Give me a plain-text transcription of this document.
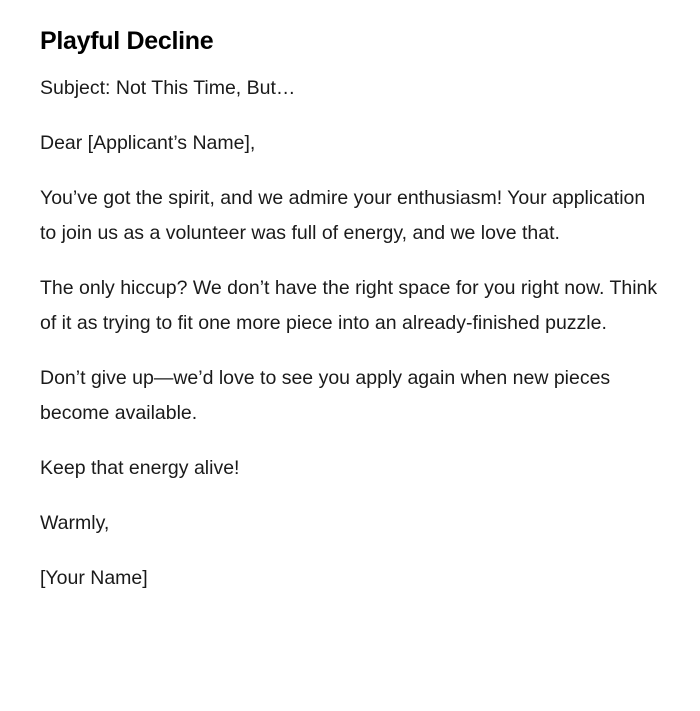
Playful Decline

Subject: Not This Time, But…

Dear [Applicant’s Name],

You’ve got the spirit, and we admire your enthusiasm! Your application to join us as a volunteer was full of energy, and we love that.

The only hiccup? We don’t have the right space for you right now. Think of it as trying to fit one more piece into an already-finished puzzle.

Don’t give up—we’d love to see you apply again when new pieces become available.

Keep that energy alive!

Warmly,

[Your Name]
